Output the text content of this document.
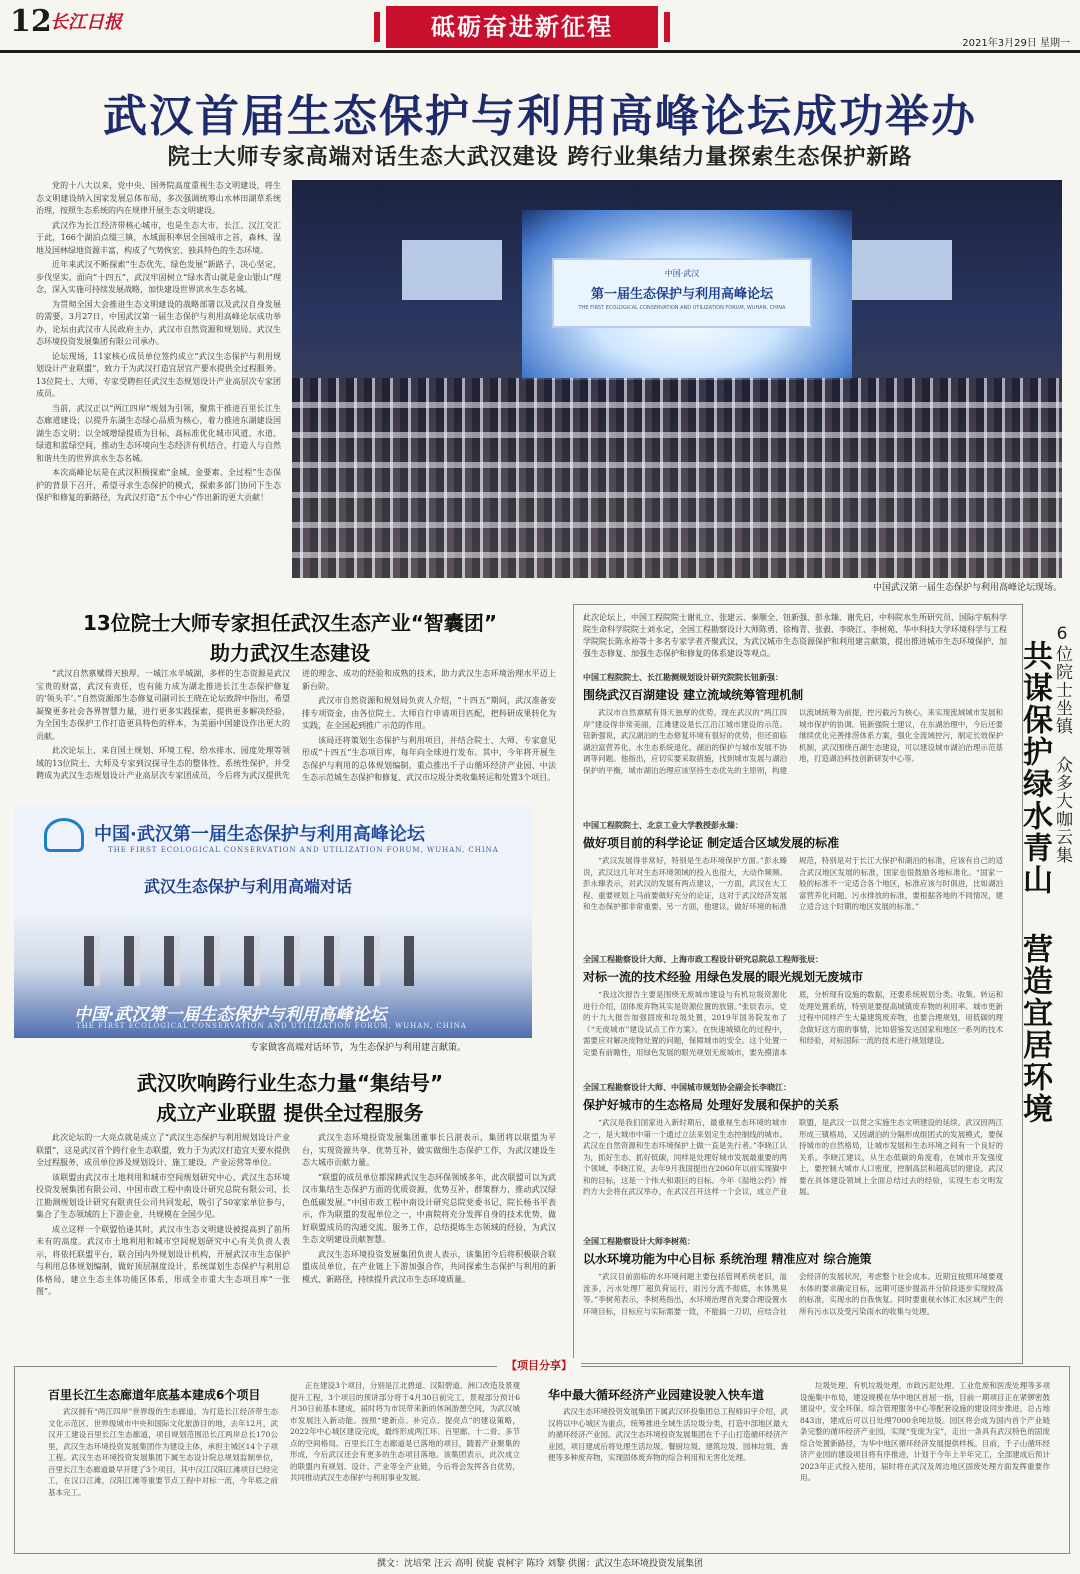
12
长江日报	砥砺奋进新征程
2021年3月29日 星期一
武汉首届生态保护与利用高峰论坛成功举办
院士大师专家高端对话生态大武汉建设 跨行业集结力量探索生态保护新路

党的十八大以来，党中央、国务院高度重视生态文明建设，将生态文明建设纳入国家发展总体布局，多次强调统筹山水林田湖草系统治理，按照生态系统的内在规律开展生态文明建设。

武汉作为长江经济带核心城市，也是生态大市，长江、汉江交汇于此，166个湖泊点缀三镇，水域面积率居全国城市之首，森林、湿地及国林绿地资源丰富，构成了气势恢宏、独具特色的生态环境。

近年来武汉不断探索“生态优先、绿色发展”新路子，决心坚定，步伐坚实。面向“十四五”，武汉牢固树立“绿水青山就是金山银山”理念，深入实施可持续发展战略，加快建设世界滨水生态名城。

为贯彻全国大会推进生态文明建设的战略部署以及武汉自身发展的需要，3月27日，中国武汉第一届生态保护与利用高峰论坛成功举办，论坛由武汉市人民政府主办，武汉市自然资源和规划局、武汉生态环境投资发展集团有限公司承办。

论坛现场，11家核心成员单位签约成立“武汉生态保护与利用规划设计产业联盟”，致力于为武汉打造宜居宜产要水提供全过程服务。13位院士、大师、专家受聘担任武汉生态规划设计产业高层次专家团成员。

当前，武汉正以“两江四岸”规划为引领，聚焦于推进百里长江生态廊道建设；以提升东湖生态绿心品质为核心，着力推进东湖建设国湖生态文明；以全域增绿提质为目标，高标准优化城市风道、水道、绿道和蓝绿空间，推动生态环境向生态经济有机结合，打造人与自然和谐共生的世界滨水生态名城。

本次高峰论坛是在武汉积极探索“金城、金要素、全过程”生态保护的背景下召开，希望寻求生态保护的模式，探索多部门协同下生态保护和修复的新路径，为武汉打造“五个中心”作出新的更大贡献！

中国·武汉
第一届生态保护与利用高峰论坛
THE FIRST ECOLOGICAL CONSERVATION AND UTILIZATION FORUM, WUHAN, CHINA
中国武汉第一届生态保护与利用高峰论坛现场。
13位院士大师专家担任武汉生态产业“智囊团”
助力武汉生态建设

“武汉自然禀赋得天独厚，一城江水半城湖，多样的生态资源是武汉宝贵的财富，武汉有责任，也有能力成为湖北推进长江生态保护修复的‘领头羊’。”自然资源部生态修复司副司长王晓在论坛致辞中指出，希望凝聚更多社会各界智慧力量，进行更多实践探索，提供更多解决经验，为全国生态保护工作打造更具特色的样本，为美丽中国建设作出更大的贡献。

此次论坛上，来自国土规划、环境工程、给水排水、园度处理等领域的13位院士、大师及专家到汉探寻生态的整体性、系统性保护，并受聘成为武汉生态规划设计产业高层次专家团成员，今后将为武汉提供先进的理念、成功的经验和成熟的技术，助力武汉生态环境治理水平迈上新台阶。

武汉市自然资源和规划局负责人介绍，“十四五”期间，武汉准备安排专项资金，由各位院士、大师自行申请项目匹配，把科研成果转化为实践，在全国起到推广示范的作用。

该局还将策划生态保护与利用项目，并结合院士、大师、专家意见形成“十四五”生态项目库，每年向全球进行发布。其中，今年将开展生态保护与利用的总体规划编制，重点推出千子山循环经济产业园、中法生态示范城生态保护和修复、武汉市垃圾分类收集转运和处置3个项目。

中国·武汉第一届生态保护与利用高峰论坛
THE FIRST ECOLOGICAL CONSERVATION AND UTILIZATION FORUM, WUHAN, CHINA
武汉生态保护与利用高端对话
中国·武汉第一届生态保护与利用高峰论坛
THE FIRST ECOLOGICAL CONSERVATION AND UTILIZATION FORUM, WUHAN, CHINA
专家做客高端对话环节，为生态保护与利用建言献策。
武汉吹响跨行业生态力量“集结号”
成立产业联盟 提供全过程服务

此次论坛的一大亮点就是成立了“武汉生态保护与利用规划设计产业联盟”，这是武汉首个跨行业生态联盟，致力于为武汉打造宜天要水提供全过程服务，成员单位涉及规划设计、施工建设、产业运营等单位。

该联盟由武汉市土地利用和城市空间规划研究中心、武汉生态环境投资发展集团有限公司、中国市政工程中南设计研究总院有限公司、长江勘测规划设计研究有限责任公司共同发起，吸引了50家家单位参与，集合了生态领域的上下游企业，共规模在全国少见。

成立这样一个联盟恰逢其时，武汉市生态文明建设被提高到了前所未有的高度。武汉市土地利用和城市空间规划研究中心有关负责人表示，将依托联盟平台，联合国内外规划设计机构，开展武汉市生态保护与利用总体规划编制，做好顶层制度设计，系统谋划生态保护与利用总体格局，建立生态主体功能区体系，形成全市重大生态项目库“一张图”。

武汉生态环境投资发展集团董事长吕湛表示，集团将以联盟为平台，实现资源共享、优势互补，做实做细生态保护工作，为武汉建设生态大城市贡献力量。

“联盟的成员单位都深耕武汉生态环保领域多年，此次联盟可以为武汉市集结生态保护方面的优质资源，优势互补，群策群力，推动武汉绿色低碳发展。”中国市政工程中南设计研究总院党委书记、院长杨书平表示，作为联盟的发起单位之一，中南院将充分发挥自身的技术优势，做好联盟成员的沟通交流、服务工作，总结提炼生态领域的经验，为武汉生态文明建设贡献智慧。

武汉生态环境投资发展集团负责人表示，该集团今后将积极联合联盟成员单位，在产业链上下游加强合作，共同探索生态保护与利用的新模式、新路径，持续提升武汉市生态环境质量。

此次论坛上，中国工程院院士谢礼立、张建云、秦顺全、钮新强、彭永臻、谢先启，中科院水生所研究员、国际宇航科学院生命科学院院士刘永定，全国工程勘察设计大师陈勇、徐梅青、张毅、李晓江、李树苑、华中科技大学环境科学与工程学院院长陈永裕等十多名专家学者齐聚武汉，为武汉城市生态资源保护和利用建言献策，提出推进城市生态环境保护、加强生态修复、加强生态保护和修复的体系建设等观点。	6位院士坐镇 众多大咖云集
共谋保护绿水青山 营造宜居环境
中国工程院院士、长江勘测规划设计研究院院长钮新强：
围绕武汉百湖建设 建立流域统筹管理机制

武汉市自然禀赋有得天独厚的优势，现在武汉的“两江四岸”建设得非常美丽，江滩建设是长江沿江城市建设的示范。钮新强说，武汉湖泊的生态修复环境有很好的优势，但还面临湖泊富营养化、水生态系统退化、湖泊的保护与城市发展不协调等问题。他指出，应切实要采取措施，找到城市发展与湖泊保护的平衡，城市湖泊治理应该坚持生态优先的主原则，构建以流域统筹为前提，控污截污为核心，来实现流域城市发展和城市保护的协调。钮新强院士建议，在东湖治理中，今后还要继续优化完善排涝体系方案，强化全流域控污，制定长效保护机制，武汉围绕百湖生态建设，可以建设城市湖泊治理示范基地，打造湖泊科技创新研发中心等。

中国工程院院士、北京工业大学教授彭永臻：
做好项目前的科学论证 制定适合区域发展的标准

“武汉发展得非常好，特别是生态环境保护方面。”彭永臻说，武汉这几年对生态环境领域的投入也很大，大动作频频。彭永臻表示，对武汉的发展有两点建议，一方面，武汉在大工程、重要规划上马前要做好充分的论证，这对于武汉经济发展和生态保护都非常重要。另一方面，他建议，做好环境的标准规范，特别是对于长江大保护和湖泊的标准，应该有自己的适合武汉地区发展的标准，国家也很鼓励各地标准化。“国家一般的标准不一定适合各个地区，标准应该与时俱进，比如湖泊富营养化问题、污水排放的标准，要根据各地的不同情况，建立适合这个时期的地区发展的标准。”

全国工程勘察设计大师、上海市政工程设计研究总院总工程师张辰：
对标一流的技术经验 用绿色发展的眼光规划无废城市

“我这次报告主要是围绕无废城市建设与有机垃圾资源化进行介绍，固体废弃物其实是资源位置的放错。”张辰表示，党的十九大报告加强固废和垃圾处置，2019年国务院发布了《“无废城市”建设试点工作方案》。在快速城镇化的过程中，需要应对解决废物处置的问题，保障城市的安全。这个处置一定要有前瞻性，用绿色发展的眼光规划无废城市，要先摸清本底，分析现有设施的数据，还要系统规划分类、收集、转运和处理处置系统，特别是要提高城镇废弃物的利用率。城市更新过程中同样产生大量建筑废弃物，也要合理规划，用低碳的理念做好这方面的事情，比如借鉴发达国家和地区一系列的技术和经验，对标国际一流的技术进行规划建设。

全国工程勘察设计大师、中国城市规划协会副会长李晓江：
保护好城市的生态格局 处理好发展和保护的关系

“武汉是我们国家进入新时期后，最重视生态环境的城市之一，是大城市中第一个通过立法来划定生态控制线的城市。武汉在自然资源和生态环境保护上做一直是先行者。”李晓江认为，抓好生态、抓好低碳，同样是处理好城市发展最重要的两个领域。李晓江说，去年9月我国提出在2060年以前实现碳中和的目标，这是一个伟大和艰巨的目标。今年《湿地公约》缔约方大会将在武汉举办，在武汉召开这样一个会议，成立产业联盟，是武汉一以贯之实施生态文明建设的延续。武汉因两江形成三镇格局，又因湖泊的分隔形成组团式的发展模式，要保持城市的自然格局，让城市发展和生态环境之间有一个良好的关系。李晓江建议，从生态低碳的角度看，在城市开发强度上，要控制大城市人口密度，控制高层和超高层的建设。武汉要在具体建设领域上全面总结过去的经验，实现生态文明发展。

全国工程勘察设计大师李树苑：
以水环境功能为中心目标 系统治理 精准应对 综合施策

“武汉目前面临的水环境问题主要包括管网系统老旧，溢流多，污水处理厂超负荷运行，雨污分流不彻底，水体黑臭等。”李树苑表示，李树苑指出，水环境治理首先要合理设置水环境目标，目标应与实际需要一致，不能搞一刀切，应结合社会经济的发展状况，考虑整个社会成本。近期宜按照环境要观水体的要求确定目标，远期可逐步提高并分阶段逐步实现较高的标准，实现水的自我恢复。同时要重视水体汇水区域产生的所有污水以及受污染雨水的收集与处理。

【项目分享】
百里长江生态廊道年底基本建成6个项目

武汉拥有“两江四岸”世界级的生态廊道，为打造长江经济带生态文化示范区、世界级城市中央和国际文化旅游目的地，去年12月，武汉开工建设百里长江生态廊道，项目规划范围沿长江两岸总长170公里，武汉生态环境投资发展集团作为建设主体，承担主城区14个子项工程。武汉生态环境投资发展集团下属生态设计院总规划监制单位，百里长江生态廊道最早开建了3个项目，其中汉江汉阳江滩项目已经完工，在汉口江滩，汉阳江滩等重要节点工程中对标一流，今年底之前基本完工。

正在建设3个项目，分别是江北碧道、汉阳碧道、洲口改造及景观提升工程，3个项目的预讲部分将于4月30日前完工，景观部分预计6月30日前基本建成，届时将为市民带来新的休闲游憩空间，为武汉城市发展注入新动能。按照“建新点、补完点、提亮点”的建设策略，2022年中心城区建设完成，最终形成两江环、百里廊、十二骨、多节点的空间格局。百里长江生态廊道是已落地的项目，随着产业聚集的形成，今后武汉还会有更多的生态项目落地。该集团表示，此次成立的联盟内有规划、设计、产业等全产业链，今后将会发挥各自优势，共同推动武汉生态保护与利用事业发展。

华中最大循环经济产业园建设驶入快车道

武汉生态环境投资发展集团下属武汉环投集团总工程师田宇介绍，武汉将以中心城区为重点，统筹推进全域生活垃圾分类，打造中部地区最大的循环经济产业园。武汉生态环境投资发展集团在千子山打造循环经济产业园，项目建成后将处理生活垃圾、餐厨垃圾、建筑垃圾、园林垃圾、粪便等多种废弃物，实现固体废弃物的综合利用和无害化处理。

垃圾处理、有机垃圾处理、市政污泥处理、工业危废和医废处理等多项设施集中布局，建设规模在华中地区首屈一指，目前一期项目正在紧锣密鼓建设中，安全环保、综合管理服务中心等配套设施的建设同步推进，总占地843亩，建成后可以日处理7000余吨垃圾。园区将会成为国内首个产业链条完整的循环经济产业园，实现“变废为宝”，走出一条具有武汉特色的固废综合处置新路径，为华中地区循环经济发展提供样板。目前，千子山循环经济产业园的建设项目将有序推进，计划于今年上半年完工，全部建成后预计2023年正式投入使用，届时将在武汉及周边地区固废处理方面发挥重要作用。

撰文：沈培荣 汪云 高明 侯旋 袁柯宇 陈玲 刘黎 供图：武汉生态环境投资发展集团
